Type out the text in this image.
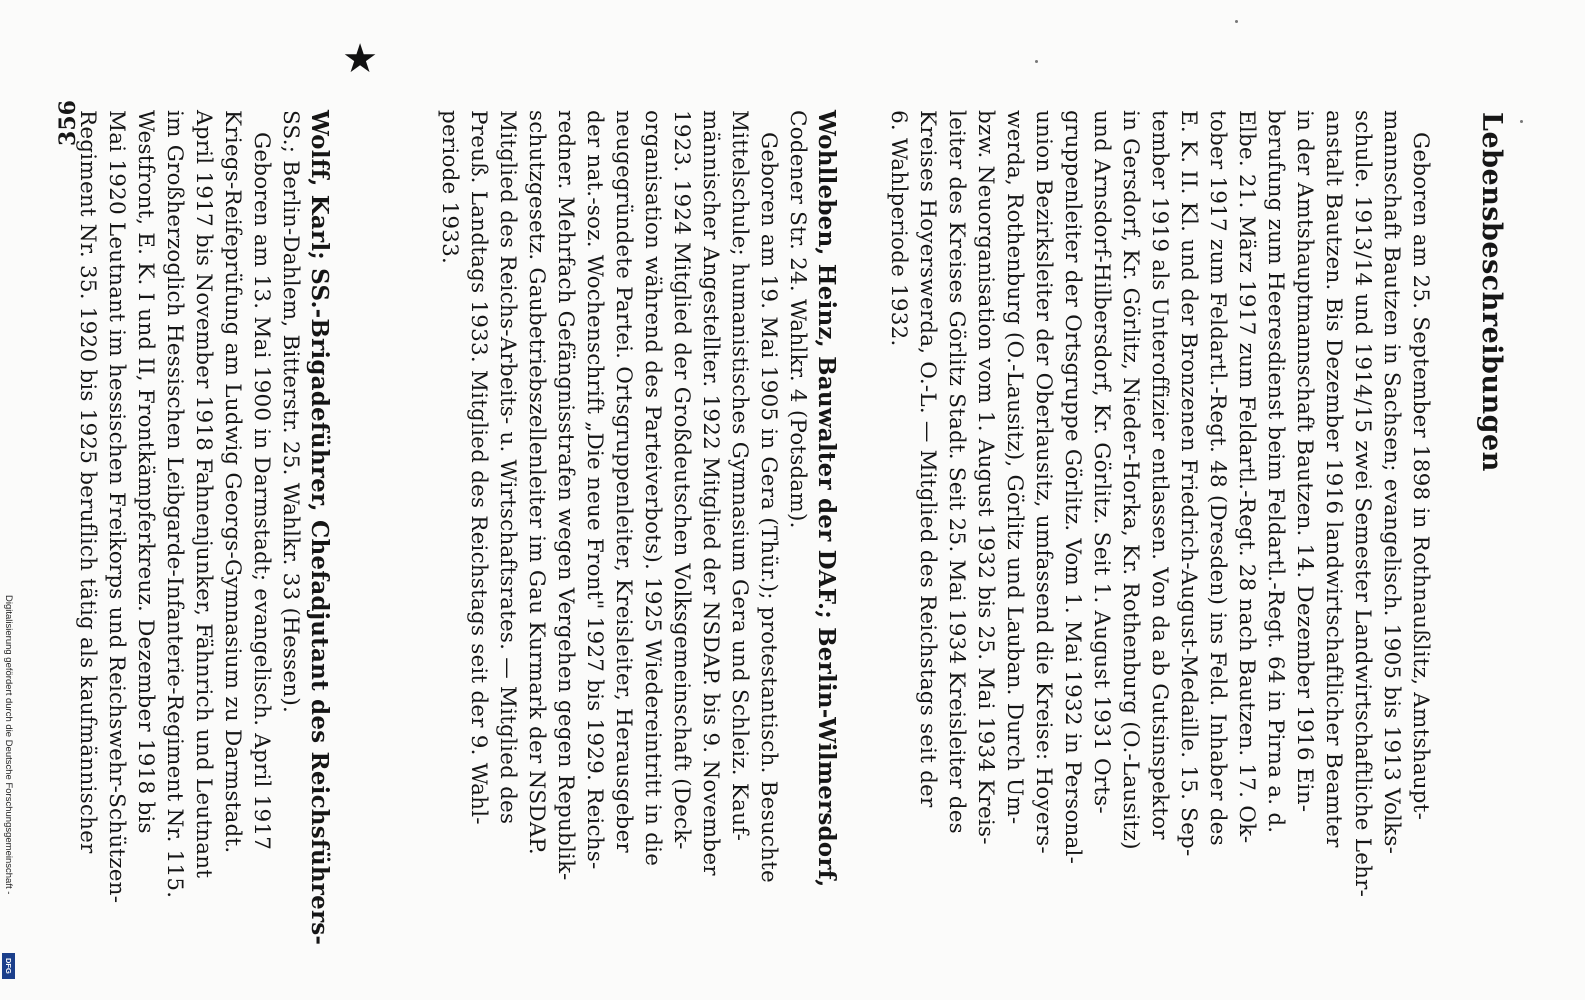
Lebensbeschreibungen
Geboren am 25. September 1898 in Rothnaußlitz, Amtshaupt-
mannschaft Bautzen in Sachsen; evangelisch. 1905 bis 1913 Volks-
schule. 1913/14 und 1914/15 zwei Semester Landwirtschaftliche Lehr-
anstalt Bautzen. Bis Dezember 1916 landwirtschaftlicher Beamter
in der Amtshauptmannschaft Bautzen. 14. Dezember 1916 Ein-
berufung zum Heeresdienst beim Feldartl.-Regt. 64 in Pirna a. d.
Elbe. 21. März 1917 zum Feldartl.-Regt. 28 nach Bautzen. 17. Ok-
tober 1917 zum Feldartl.-Regt. 48 (Dresden) ins Feld. Inhaber des
E. K. II. Kl. und der Bronzenen Friedrich-August-Medaille. 15. Sep-
tember 1919 als Unteroffizier entlassen. Von da ab Gutsinspektor
in Gersdorf, Kr. Görlitz, Nieder-Horka, Kr. Rothenburg (O.-Lausitz)
und Arnsdorf-Hilbersdorf, Kr. Görlitz. Seit 1. August 1931 Orts-
gruppenleiter der Ortsgruppe Görlitz. Vom 1. Mai 1932 in Personal-
union Bezirksleiter der Oberlausitz, umfassend die Kreise: Hoyers-
werda, Rothenburg (O.-Lausitz), Görlitz und Lauban. Durch Um-
bzw. Neuorganisation vom 1. August 1932 bis 25. Mai 1934 Kreis-
leiter des Kreises Görlitz Stadt. Seit 25. Mai 1934 Kreisleiter des
Kreises Hoyerswerda, O.-L. — Mitglied des Reichstags seit der
6. Wahlperiode 1932.
Wohlleben, Heinz, Bauwalter der DAF.; Berlin-Wilmersdorf,
Codener Str. 24. Wahlkr. 4 (Potsdam).
Geboren am 19. Mai 1905 in Gera (Thür.); protestantisch. Besuchte
Mittelschule; humanistisches Gymnasium Gera und Schleiz. Kauf-
männischer Angestellter. 1922 Mitglied der NSDAP. bis 9. November
1923. 1924 Mitglied der Großdeutschen Volksgemeinschaft (Deck-
organisation während des Parteiverbots). 1925 Wiedereintritt in die
neugegründete Partei. Ortsgruppenleiter, Kreisleiter, Herausgeber
der nat.-soz. Wochenschrift „Die neue Front" 1927 bis 1929. Reichs-
redner. Mehrfach Gefängnisstrafen wegen Vergehen gegen Republik-
schutzgesetz. Gaubetriebszellenleiter im Gau Kurmark der NSDAP.
Mitglied des Reichs-Arbeits- u. Wirtschaftsrates. — Mitglied des
Preuß. Landtags 1933. Mitglied des Reichstags seit der 9. Wahl-
periode 1933.
Wolff, Karl; SS.-Brigadeführer, Chefadjutant des Reichsführers-
SS.; Berlin-Dahlem, Bitterstr. 25. Wahlkr. 33 (Hessen).
Geboren am 13. Mai 1900 in Darmstadt; evangelisch. April 1917
Kriegs-Reifeprüfung am Ludwig Georgs-Gymnasium zu Darmstadt.
April 1917 bis November 1918 Fahnenjunker, Fähnrich und Leutnant
im Großherzoglich Hessischen Leibgarde-Infanterie-Regiment Nr. 115.
Westfront, E. K. I und II, Frontkämpferkreuz. Dezember 1918 bis
Mai 1920 Leutnant im hessischen Freikorps und Reichswehr-Schützen-
Regiment Nr. 35. 1920 bis 1925 beruflich tätig als kaufmännischer
★
356
Digitalisierung gefördert durch die Deutsche Forschungsgemeinschaft -
DFG
